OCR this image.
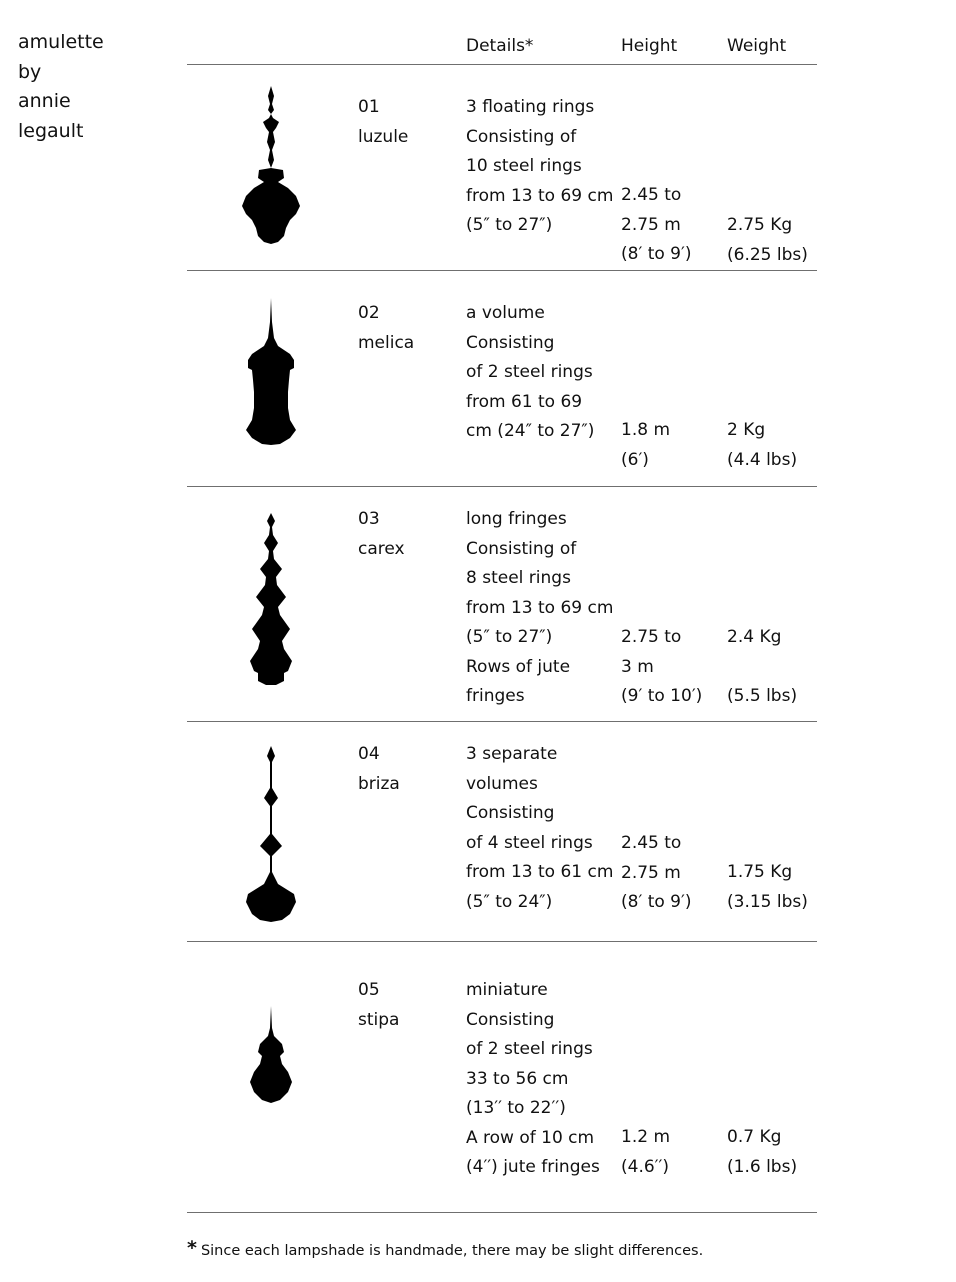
amulette
by
annie
legault
Details*	Height	Weight
01
luzule
3 floating rings
Consisting of
10 steel rings
from 13 to 69 cm
(5″ to 27″)
2.45 to
2.75 m
(8′ to 9′)
2.75 Kg
(6.25 lbs)
02
melica
a volume
Consisting
of 2 steel rings
from 61 to 69
cm (24″ to 27″) 1.8 m
(6′)
2 Kg
(4.4 lbs)
03
carex
long fringes
Consisting of
8 steel rings
from 13 to 69 cm
(5″ to 27″)
Rows of jute
fringes
2.75 to
3 m
(9′ to 10′)
2.4 Kg
(5.5 lbs)
04
briza
3 separate
volumes
Consisting
of 4 steel rings
from 13 to 61 cm
(5″ to 24″)
2.45 to
2.75 m
(8′ to 9′)
1.75 Kg
(3.15 lbs)
05
stipa
miniature
Consisting
of 2 steel rings
33 to 56 cm
(13′′ to 22′′)
A row of 10 cm
(4′′) jute fringes
1.2 m
(4.6′′)
0.7 Kg
(1.6 lbs)
* Since each lampshade is handmade, there may be slight differences.
